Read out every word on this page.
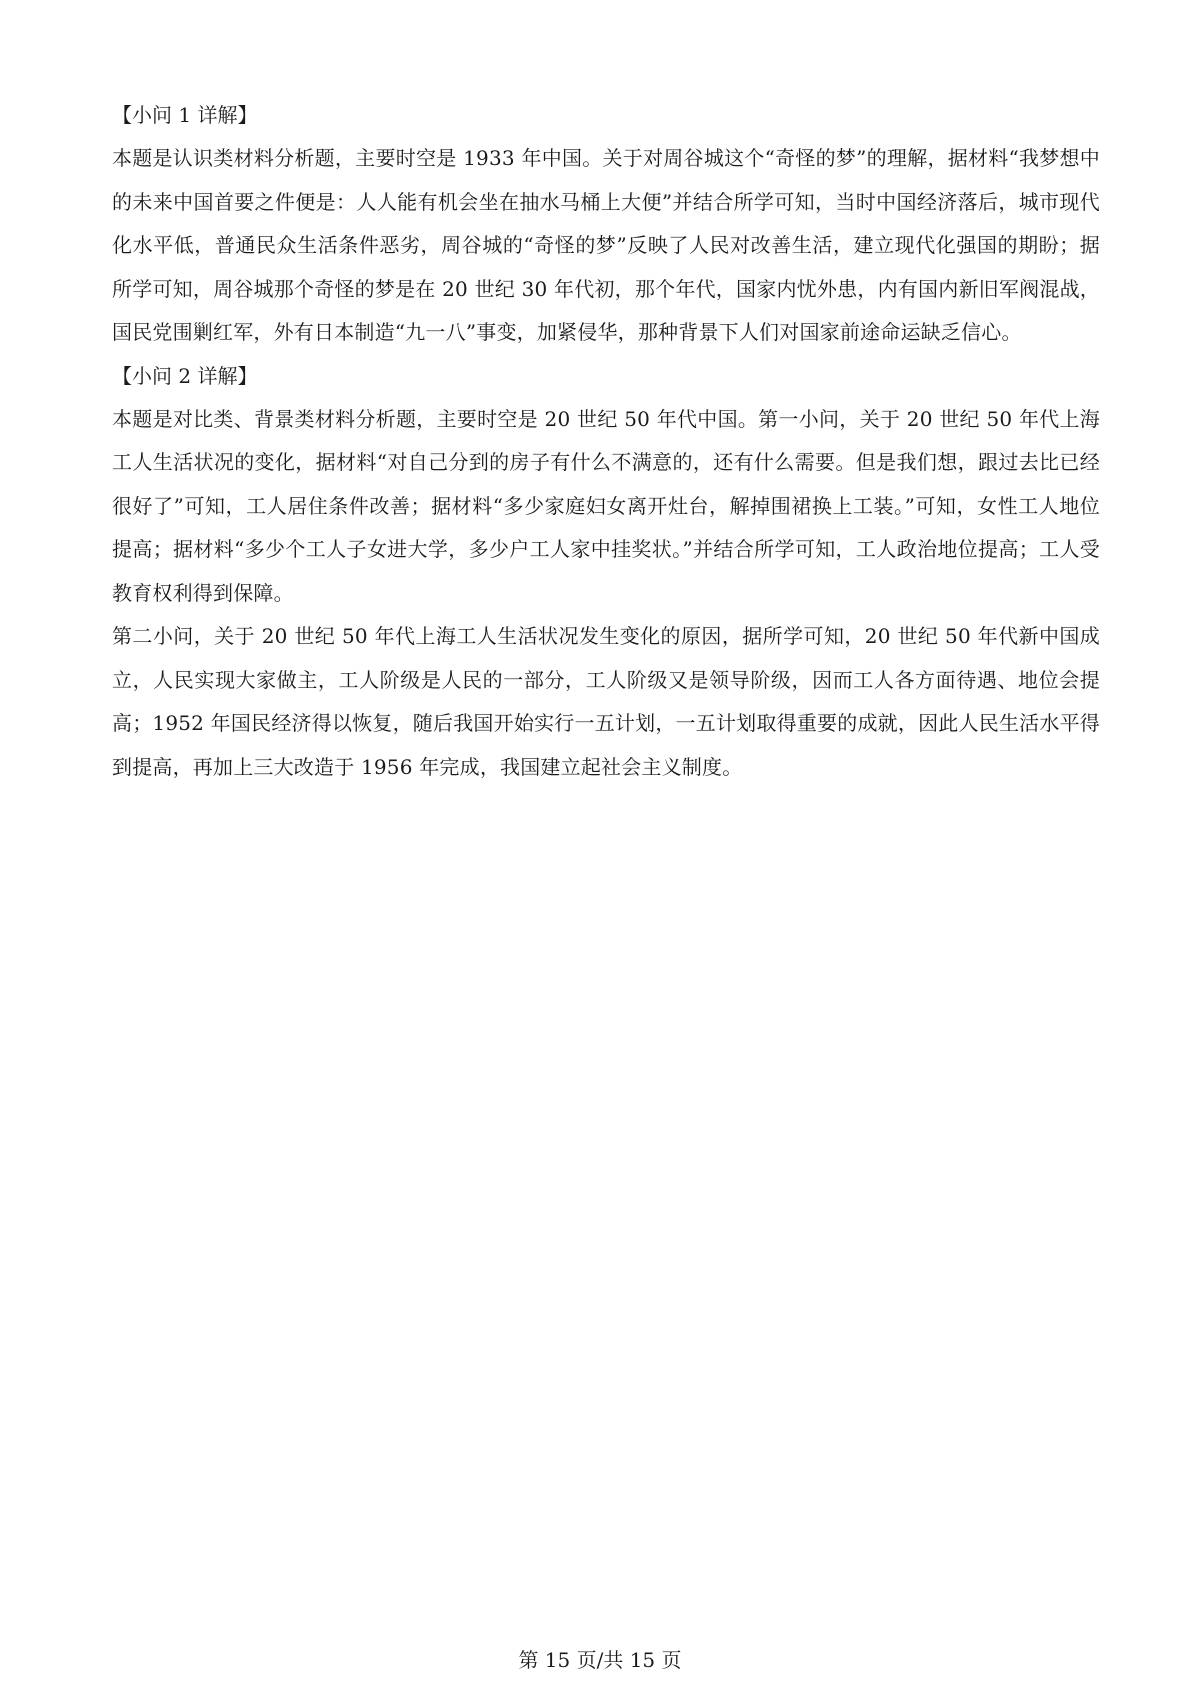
【小问 1 详解】

本题是认识类材料分析题，主要时空是 1933 年中国。关于对周谷城这个“奇怪的梦”的理解，据材料“我梦想中的未来中国首要之件便是：人人能有机会坐在抽水马桶上大便”并结合所学可知，当时中国经济落后，城市现代化水平低，普通民众生活条件恶劣，周谷城的“奇怪的梦”反映了人民对改善生活，建立现代化强国的期盼；据所学可知，周谷城那个奇怪的梦是在 20 世纪 30 年代初，那个年代，国家内忧外患，内有国内新旧军阀混战，国民党围剿红军，外有日本制造“九一八”事变，加紧侵华，那种背景下人们对国家前途命运缺乏信心。

【小问 2 详解】

本题是对比类、背景类材料分析题，主要时空是 20 世纪 50 年代中国。第一小问，关于 20 世纪 50 年代上海工人生活状况的变化，据材料“对自己分到的房子有什么不满意的，还有什么需要。但是我们想，跟过去比已经很好了”可知，工人居住条件改善；据材料“多少家庭妇女离开灶台，解掉围裙换上工装。”可知，女性工人地位提高；据材料“多少个工人子女进大学，多少户工人家中挂奖状。”并结合所学可知，工人政治地位提高；工人受教育权利得到保障。

第二小问，关于 20 世纪 50 年代上海工人生活状况发生变化的原因，据所学可知，20 世纪 50 年代新中国成立，人民实现大家做主，工人阶级是人民的一部分，工人阶级又是领导阶级，因而工人各方面待遇、地位会提高；1952 年国民经济得以恢复，随后我国开始实行一五计划，一五计划取得重要的成就，因此人民生活水平得到提高，再加上三大改造于 1956 年完成，我国建立起社会主义制度。

第 15 页/共 15 页
